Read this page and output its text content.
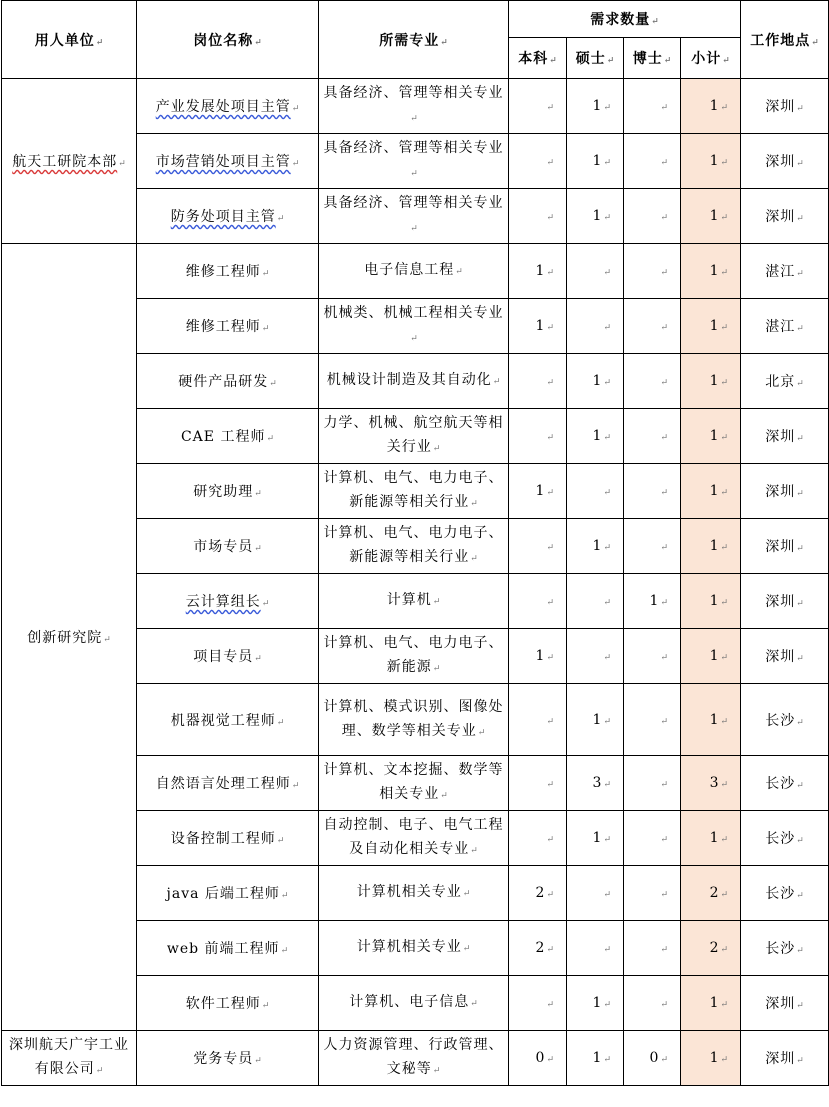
用人单位↵	岗位名称↵	所需专业↵	需求数量↵				工作地点↵
			本科↵	硕士↵	博士↵	小计↵	
航天工研院本部↵	产业发展处项目主管↵	具备经济、管理等相关专业↵	↵	1↵	↵	1↵	深圳↵
	市场营销处项目主管↵	具备经济、管理等相关专业↵	↵	1↵	↵	1↵	深圳↵
	防务处项目主管↵	具备经济、管理等相关专业↵	↵	1↵	↵	1↵	深圳↵
创新研究院↵	维修工程师↵	电子信息工程↵	1↵	↵	↵	1↵	湛江↵
	维修工程师↵	机械类、机械工程相关专业↵	1↵	↵	↵	1↵	湛江↵
	硬件产品研发↵	机械设计制造及其自动化↵	↵	1↵	↵	1↵	北京↵
	CAE 工程师↵	力学、机械、航空航天等相关行业↵	↵	1↵	↵	1↵	深圳↵
	研究助理↵	计算机、电气、电力电子、新能源等相关行业↵	1↵	↵	↵	1↵	深圳↵
	市场专员↵	计算机、电气、电力电子、新能源等相关行业↵	↵	1↵	↵	1↵	深圳↵
	云计算组长↵	计算机↵	↵	↵	1↵	1↵	深圳↵
	项目专员↵	计算机、电气、电力电子、新能源↵	1↵	↵	↵	1↵	深圳↵
	机器视觉工程师↵	计算机、模式识别、图像处理、数学等相关专业↵	↵	1↵	↵	1↵	长沙↵
	自然语言处理工程师↵	计算机、文本挖掘、数学等相关专业↵	↵	3↵	↵	3↵	长沙↵
	设备控制工程师↵	自动控制、电子、电气工程及自动化相关专业↵	↵	1↵	↵	1↵	长沙↵
	java 后端工程师↵	计算机相关专业↵	2↵	↵	↵	2↵	长沙↵
	web 前端工程师↵	计算机相关专业↵	2↵	↵	↵	2↵	长沙↵
	软件工程师↵	计算机、电子信息↵	↵	1↵	↵	1↵	深圳↵
深圳航天广宇工业有限公司↵	党务专员↵	人力资源管理、行政管理、文秘等↵	0↵	1↵	0↵	1↵	深圳↵
